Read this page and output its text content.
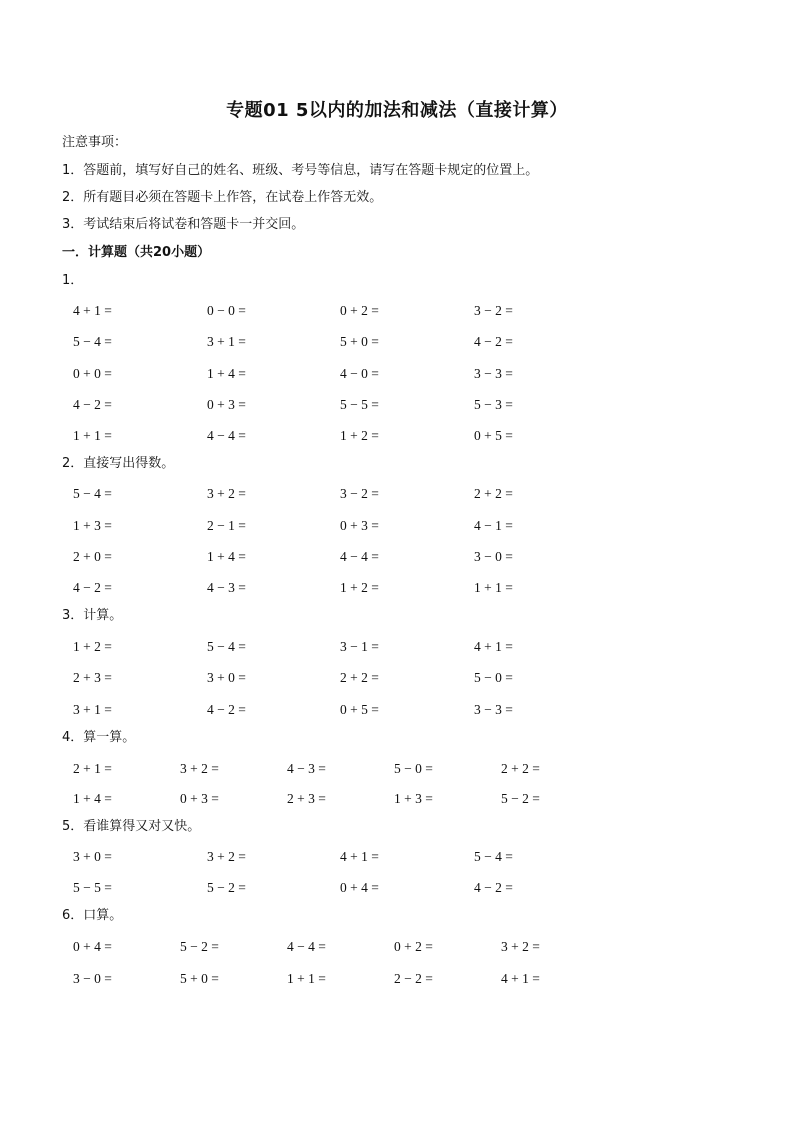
专题01 5以内的加法和减法（直接计算）
注意事项：
1．答题前，填写好自己的姓名、班级、考号等信息，请写在答题卡规定的位置上。
2．所有题目必须在答题卡上作答，在试卷上作答无效。
3．考试结束后将试卷和答题卡一并交回。
一．计算题（共20小题）
1．
4 + 1 =	0 − 0 =	0 + 2 =	3 − 2 =
5 − 4 =	3 + 1 =	5 + 0 =	4 − 2 =
0 + 0 =	1 + 4 =	4 − 0 =	3 − 3 =
4 − 2 =	0 + 3 =	5 − 5 =	5 − 3 =
1 + 1 =	4 − 4 =	1 + 2 =	0 + 5 =
2．直接写出得数。
5 − 4 =	3 + 2 =	3 − 2 =	2 + 2 =
1 + 3 =	2 − 1 =	0 + 3 =	4 − 1 =
2 + 0 =	1 + 4 =	4 − 4 =	3 − 0 =
4 − 2 =	4 − 3 =	1 + 2 =	1 + 1 =
3．计算。
1 + 2 =	5 − 4 =	3 − 1 =	4 + 1 =
2 + 3 =	3 + 0 =	2 + 2 =	5 − 0 =
3 + 1 =	4 − 2 =	0 + 5 =	3 − 3 =
4．算一算。
2 + 1 =	3 + 2 =	4 − 3 =	5 − 0 =	2 + 2 =
1 + 4 =	0 + 3 =	2 + 3 =	1 + 3 =	5 − 2 =
5．看谁算得又对又快。
3 + 0 =	3 + 2 =	4 + 1 =	5 − 4 =
5 − 5 =	5 − 2 =	0 + 4 =	4 − 2 =
6．口算。
0 + 4 =	5 − 2 =	4 − 4 =	0 + 2 =	3 + 2 =
3 − 0 =	5 + 0 =	1 + 1 =	2 − 2 =	4 + 1 =
